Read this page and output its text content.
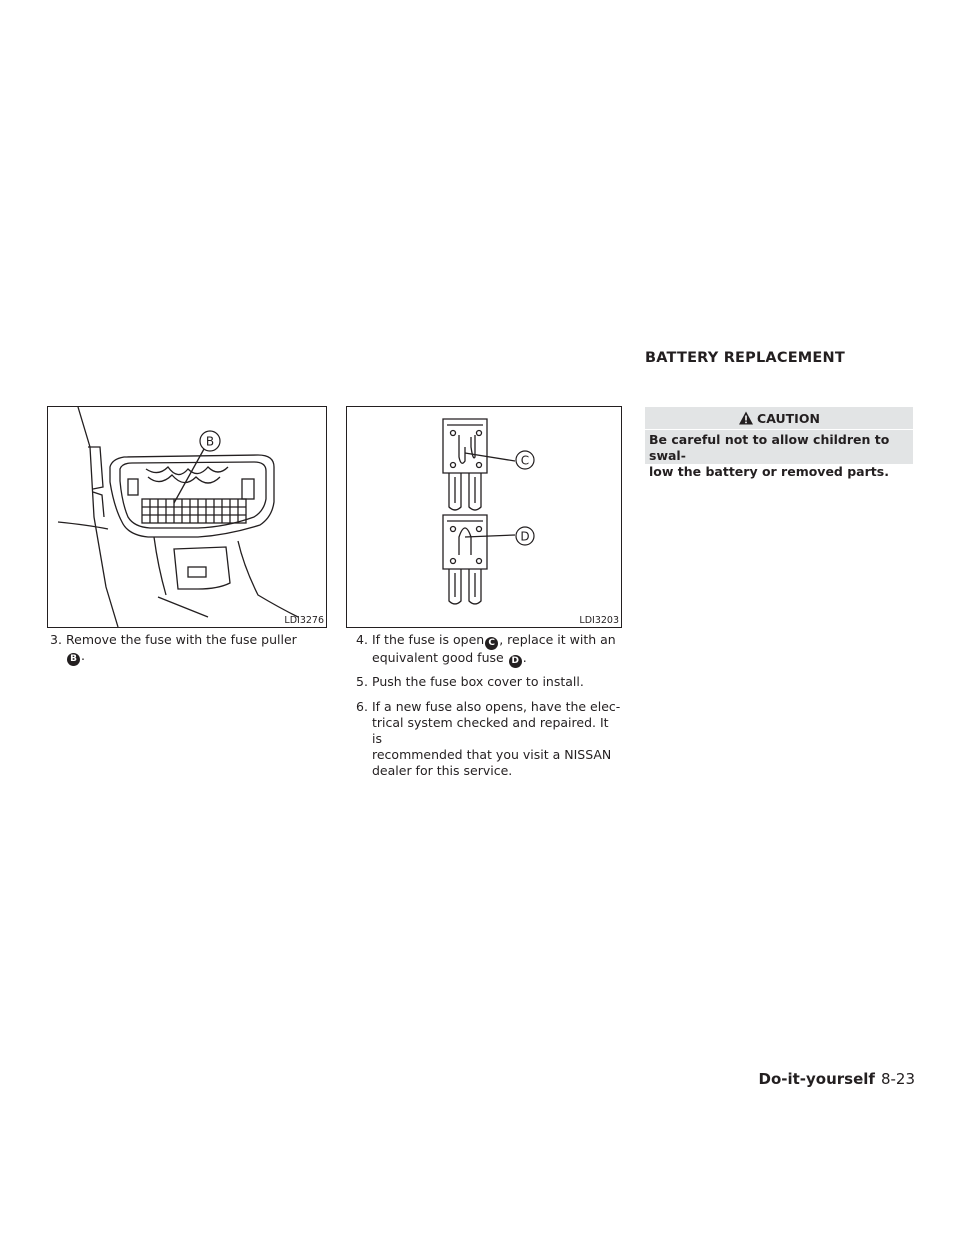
BATTERY REPLACEMENT
B
LDI3276
C
D
LDI3203
3. Remove the fuse with the fuse puller
B .
4. If the fuse is open C , replace it with an
equivalent good fuse D .
5. Push the fuse box cover to install.
6. If a new fuse also opens, have the elec-
trical system checked and repaired. It is
recommended that you visit a NISSAN
dealer for this service.
CAUTION
Be careful not to allow children to swal-
low the battery or removed parts.
Do-it-yourself 8-23
